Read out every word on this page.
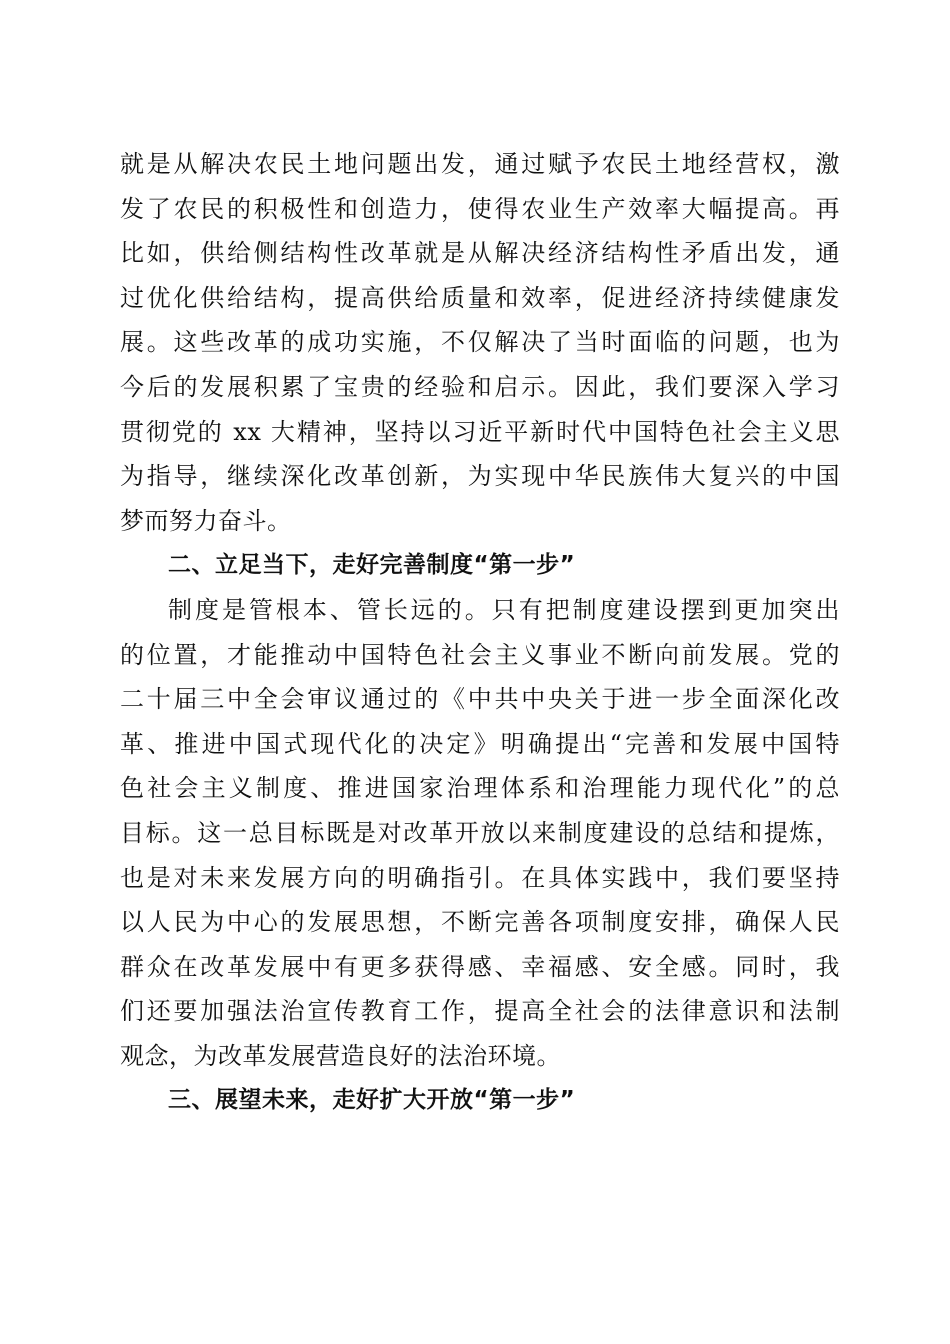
就是从解决农民土地问题出发，通过赋予农民土地经营权，激
发了农民的积极性和创造力，使得农业生产效率大幅提高。再
比如，供给侧结构性改革就是从解决经济结构性矛盾出发，通
过优化供给结构，提高供给质量和效率，促进经济持续健康发
展。这些改革的成功实施，不仅解决了当时面临的问题，也为
今后的发展积累了宝贵的经验和启示。因此，我们要深入学习
贯彻党的 xx 大精神，坚持以习近平新时代中国特色社会主义思
为指导，继续深化改革创新，为实现中华民族伟大复兴的中国
梦而努力奋斗。
二、立足当下，走好完善制度“第一步”
制度是管根本、管长远的。只有把制度建设摆到更加突出
的位置，才能推动中国特色社会主义事业不断向前发展。党的
二十届三中全会审议通过的《中共中央关于进一步全面深化改
革、推进中国式现代化的决定》明确提出“完善和发展中国特
色社会主义制度、推进国家治理体系和治理能力现代化”的总
目标。这一总目标既是对改革开放以来制度建设的总结和提炼，
也是对未来发展方向的明确指引。在具体实践中，我们要坚持
以人民为中心的发展思想，不断完善各项制度安排，确保人民
群众在改革发展中有更多获得感、幸福感、安全感。同时，我
们还要加强法治宣传教育工作，提高全社会的法律意识和法制
观念，为改革发展营造良好的法治环境。
三、展望未来，走好扩大开放“第一步”
